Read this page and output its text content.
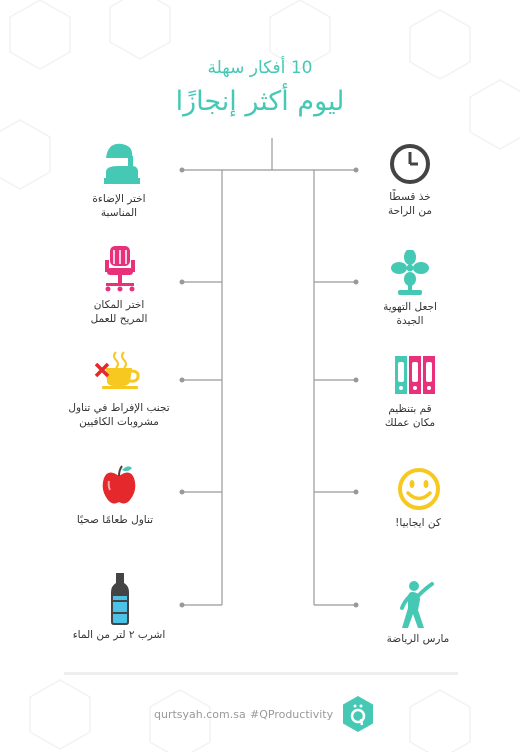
10 أفكار سهلة
ليوم أكثر إنجازًا
اختر الإضاءة
المناسبة
اختر المكان
المريح للعمل
تجنب الإفراط في تناول
مشروبات الكافيين
تناول طعامًا صحيًا
اشرب ٢ لتر من الماء
خذ قسطًا
من الراحة
اجعل التهوية
الجيدة
قم بتنظيم
مكان عملك
كن ايجابيا!
مارس الرياضة
qurtsyah.com.sa #QProductivity
